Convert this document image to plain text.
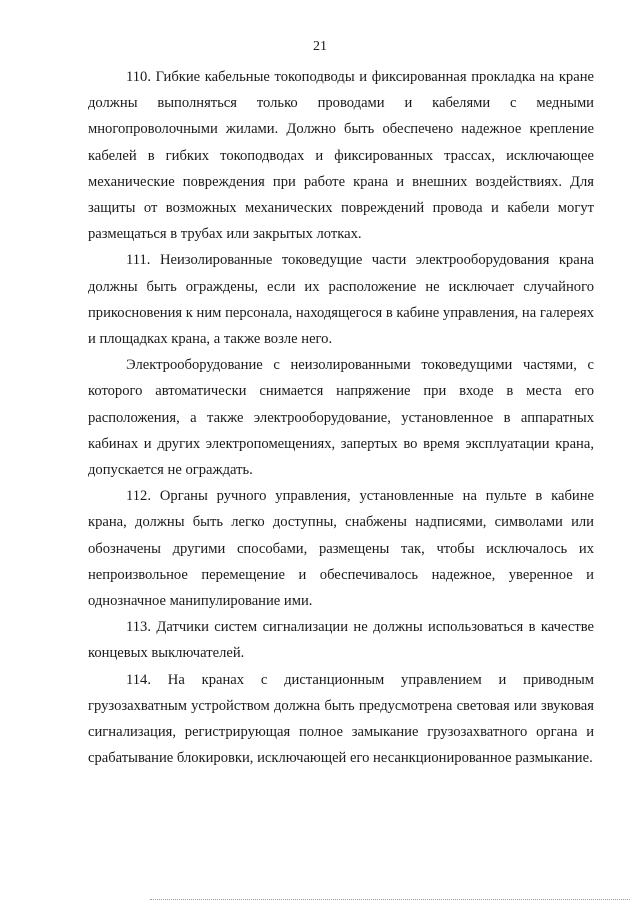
21

110. Гибкие кабельные токоподводы и фиксированная прокладка на кране должны выполняться только проводами и кабелями с медными многопроволочными жилами. Должно быть обеспечено надежное крепление кабелей в гибких токоподводах и фиксированных трассах, исключающее механические повреждения при работе крана и внешних воздействиях. Для защиты от возможных механических повреждений провода и кабели могут размещаться в трубах или закрытых лотках.

111. Неизолированные токоведущие части электрооборудования крана должны быть ограждены, если их расположение не исключает случайного прикосновения к ним персонала, находящегося в кабине управления, на галереях и площадках крана, а также возле него.

Электрооборудование с неизолированными токоведущими частями, с которого автоматически снимается напряжение при входе в места его расположения, а также электрооборудование, установленное в аппаратных кабинах и других электропомещениях, запертых во время эксплуатации крана, допускается не ограждать.

112. Органы ручного управления, установленные на пульте в кабине крана, должны быть легко доступны, снабжены надписями, символами или обозначены другими способами, размещены так, чтобы исключалось их непроизвольное перемещение и обеспечивалось надежное, уверенное и однозначное манипулирование ими.

113. Датчики систем сигнализации не должны использоваться в качестве концевых выключателей.

114. На кранах с дистанционным управлением и приводным грузозахватным устройством должна быть предусмотрена световая или звуковая сигнализация, регистрирующая полное замыкание грузозахватного органа и срабатывание блокировки, исключающей его несанкционированное размыкание.
